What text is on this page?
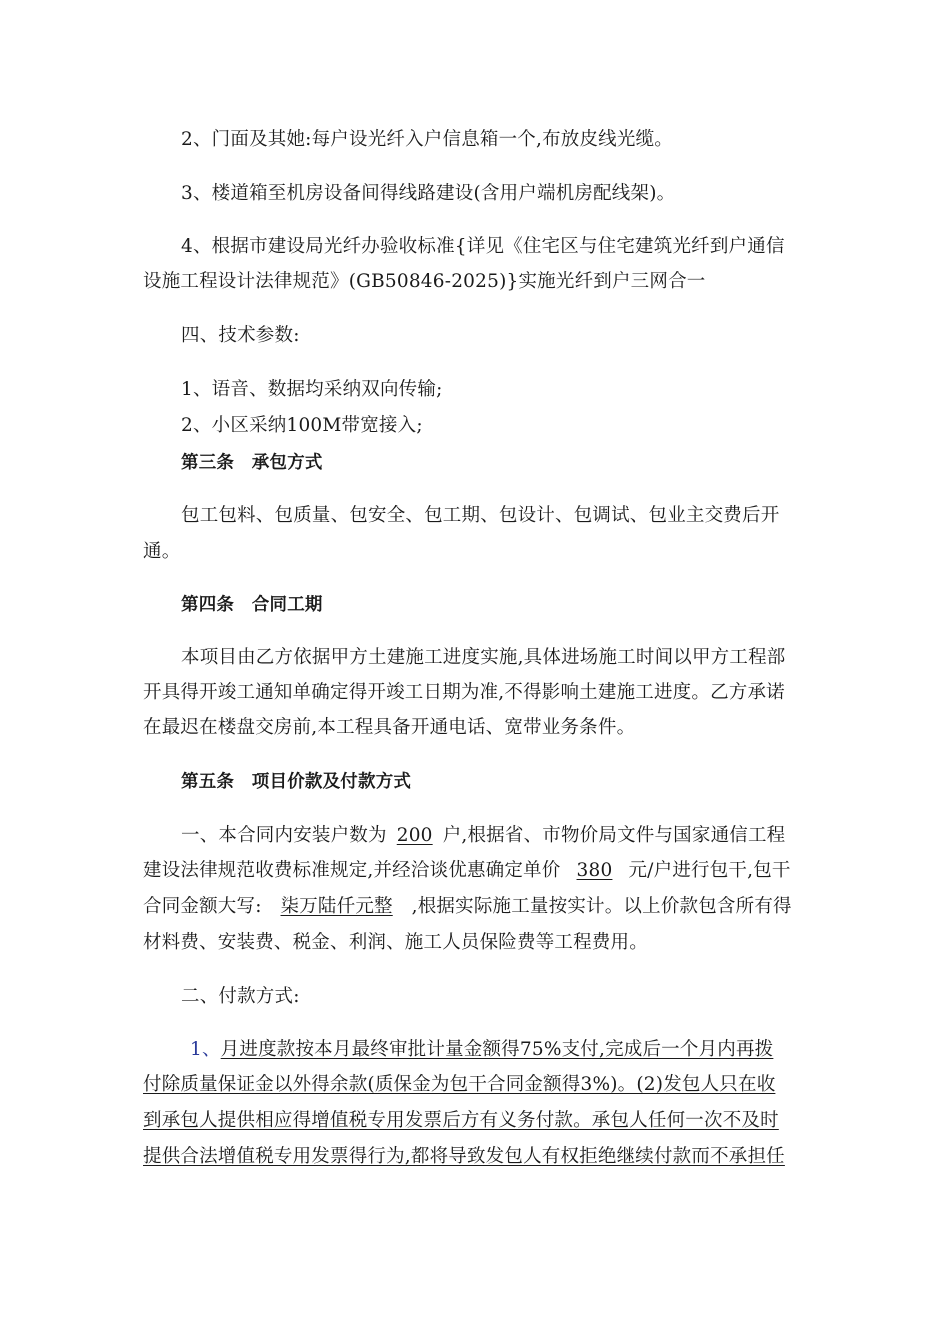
2、门面及其她:每户设光纤入户信息箱一个,布放皮线光缆。
3、楼道箱至机房设备间得线路建设(含用户端机房配线架)。
4、根据市建设局光纤办验收标准{详见《住宅区与住宅建筑光纤到户通信
设施工程设计法律规范》(GB50846-2025)}实施光纤到户三网合一
四、技术参数:
1、语音、数据均采纳双向传输;
2、小区采纳100M带宽接入;
第三条　承包方式
包工包料、包质量、包安全、包工期、包设计、包调试、包业主交费后开
通。
第四条　合同工期
本项目由乙方依据甲方土建施工进度实施,具体进场施工时间以甲方工程部
开具得开竣工通知单确定得开竣工日期为准,不得影响土建施工进度。乙方承诺
在最迟在楼盘交房前,本工程具备开通电话、宽带业务条件。
第五条　项目价款及付款方式
一、本合同内安装户数为 200 户,根据省、市物价局文件与国家通信工程
建设法律规范收费标准规定,并经洽谈优惠确定单价 380 元/户进行包干,包干
合同金额大写: 柒万陆仟元整 ,根据实际施工量按实计。以上价款包含所有得
材料费、安装费、税金、利润、施工人员保险费等工程费用。
二、付款方式:
1、月进度款按本月最终审批计量金额得75%支付,完成后一个月内再拨
付除质量保证金以外得余款(质保金为包干合同金额得3%)。(2)发包人只在收
到承包人提供相应得增值税专用发票后方有义务付款。承包人任何一次不及时
提供合法增值税专用发票得行为,都将导致发包人有权拒绝继续付款而不承担任
